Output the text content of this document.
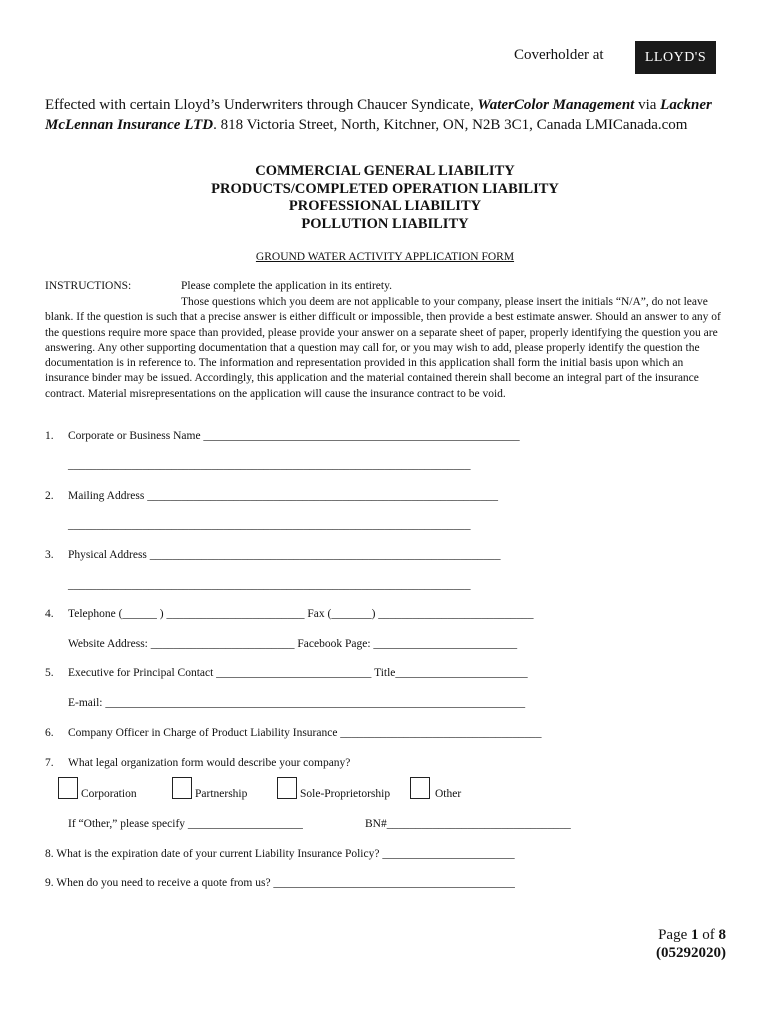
Coverholder at	LLOYD'S
Effected with certain Lloyd’s Underwriters through Chaucer Syndicate, WaterColor Management via Lackner McLennan Insurance LTD. 818 Victoria Street, North, Kitchner, ON, N2B 3C1, Canada LMICanada.com
COMMERCIAL GENERAL LIABILITY
PRODUCTS/COMPLETED OPERATION LIABILITY
PROFESSIONAL LIABILITY
POLLUTION LIABILITY
GROUND WATER ACTIVITY APPLICATION FORM
INSTRUCTIONS:	Please complete the application in its entirety.
Those questions which you deem are not applicable to your company, please insert the initials “N/A”, do not leave blank. If the question is such that a precise answer is either difficult or impossible, then provide a best estimate answer. Should an answer to any of the questions require more space than provided, please provide your answer on a separate sheet of paper, properly identifying the question you are answering. Any other supporting documentation that a question may call for, or you may wish to add, please properly identify the question the documentation is in reference to. The information and representation provided in this application shall form the initial basis upon which an insurance binder may be issued. Accordingly, this application and the material contained therein shall become an integral part of the insurance contract. Material misrepresentations on the application will cause the insurance contract to be void.
1. Corporate or Business Name _______________________________________________________
______________________________________________________________________
2. Mailing Address _____________________________________________________________
______________________________________________________________________
3. Physical Address _____________________________________________________________
______________________________________________________________________
4. Telephone (______ ) ________________________ Fax (_______) ___________________________
Website Address: _________________________ Facebook Page: _________________________
5. Executive for Principal Contact ___________________________ Title_______________________
E-mail: _________________________________________________________________________
6. Company Officer in Charge of Product Liability Insurance ___________________________________
7. What legal organization form would describe your company?
Corporation	Partnership	Sole-Proprietorship	Other
If “Other,” please specify ____________________	BN#________________________________
8. What is the expiration date of your current Liability Insurance Policy? _______________________
9. When do you need to receive a quote from us? __________________________________________
Page 1 of 8
(05292020)
